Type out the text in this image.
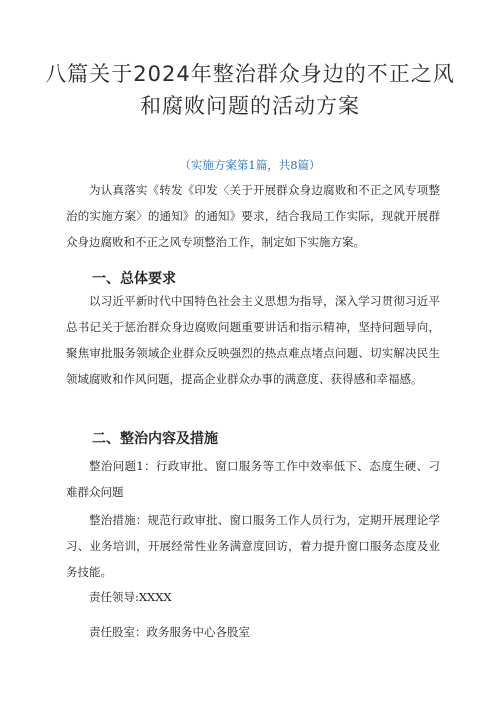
八篇关于2024年整治群众身边的不正之风
和腐败问题的活动方案
（实施方案第1篇，共8篇）

为认真落实《转发《印发〈关于开展群众身边腐败和不正之风专项整治的实施方案〉的通知》的通知》要求，结合我局工作实际，现就开展群众身边腐败和不正之风专项整治工作，制定如下实施方案。

一、总体要求

以习近平新时代中国特色社会主义思想为指导，深入学习贯彻习近平总书记关于惩治群众身边腐败问题重要讲话和指示精神，坚持问题导向，聚焦审批服务领域企业群众反映强烈的热点难点堵点问题、切实解决民生领域腐败和作风问题，提高企业群众办事的满意度、获得感和幸福感。

二、整治内容及措施

整治问题1：行政审批、窗口服务等工作中效率低下、态度生硬、刁难群众问题

整治措施：规范行政审批、窗口服务工作人员行为，定期开展理论学习、业务培训，开展经常性业务满意度回访，着力提升窗口服务态度及业务技能。

责任领导:XXXX

责任股室：政务服务中心各股室
